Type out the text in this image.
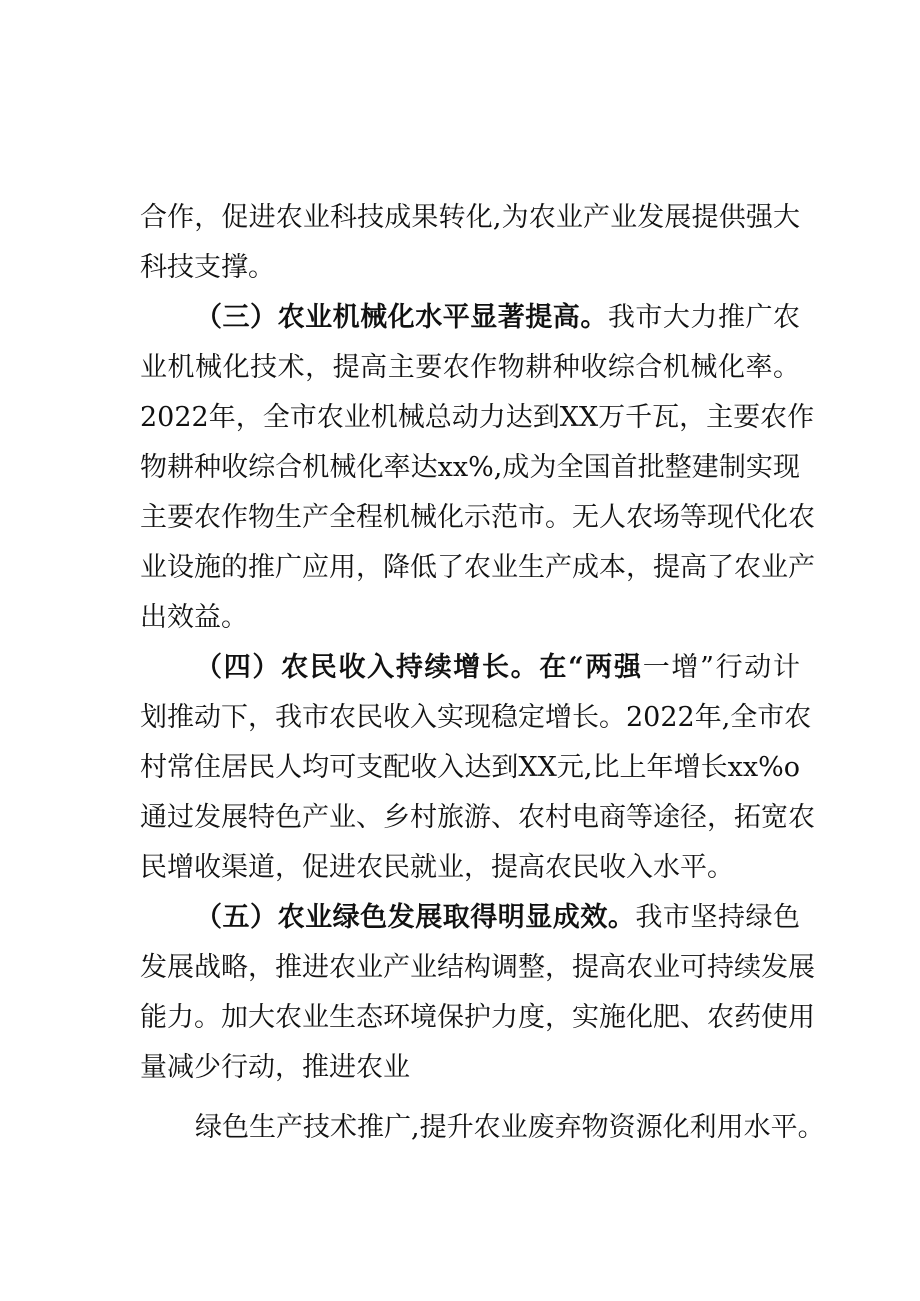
合作，促进农业科技成果转化,为农业产业发展提供强大
科技支撑。
（三）农业机械化水平显著提高。我市大力推广农
业机械化技术，提高主要农作物耕种收综合机械化率。
2022年，全市农业机械总动力达到XX万千瓦，主要农作
物耕种收综合机械化率达xx%,成为全国首批整建制实现
主要农作物生产全程机械化示范市。无人农场等现代化农
业设施的推广应用，降低了农业生产成本，提高了农业产
出效益。
（四）农民收入持续增长。在“两强一增”行动计
划推动下，我市农民收入实现稳定增长。2022年,全市农
村常住居民人均可支配收入达到XX元,比上年增长xx%o
通过发展特色产业、乡村旅游、农村电商等途径，拓宽农
民增收渠道，促进农民就业，提高农民收入水平。
（五）农业绿色发展取得明显成效。我市坚持绿色
发展战略，推进农业产业结构调整，提高农业可持续发展
能力。加大农业生态环境保护力度，实施化肥、农药使用
量减少行动，推进农业
绿色生产技术推广,提升农业废弃物资源化利用水平。
